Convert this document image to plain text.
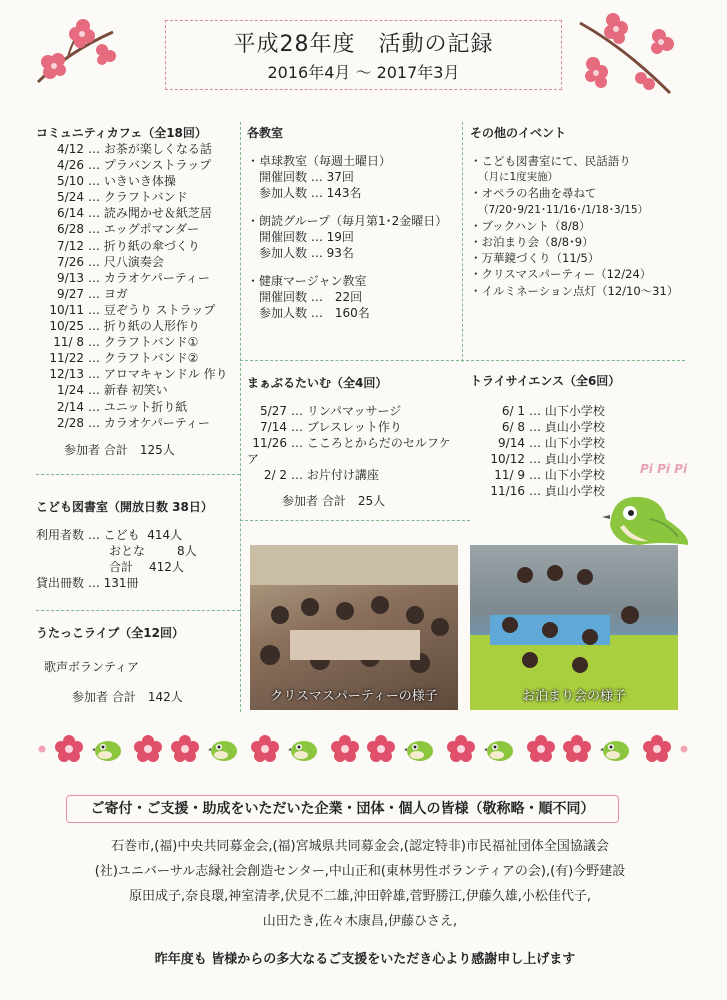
平成28年度　活動の記録
2016年4月 ～ 2017年3月
コミュニティカフェ（全18回）
4/12 … お茶が楽しくなる話
4/26 … プラバンストラップ
5/10 … いきいき体操
5/24 … クラフトバンド
6/14 … 読み聞かせ＆紙芝居
6/28 … エッグポマンダー
7/12 … 折り紙の傘づくり
7/26 … 尺八演奏会
9/13 … カラオケパーティー
9/27 … ヨガ
10/11 … 豆ぞうり ストラップ
10/25 … 折り紙の人形作り
11/ 8 … クラフトバンド①
11/22 … クラフトバンド②
12/13 … アロマキャンドル 作り
1/24 … 新春 初笑い
2/14 … ユニット折り紙
2/28 … カラオケパーティー
参加者 合計　125人
各教室
・卓球教室（毎週土曜日）
開催回数 … 37回
参加人数 … 143名
・朗読グループ（毎月第1･2金曜日）
開催回数 … 19回
参加人数 … 93名
・健康マージャン教室
開催回数 …　22回
参加人数 …　160名
その他のイベント
・こども図書室にて、民話語り
（月に1度実施）
・オペラの名曲を尋ねて
（7/20･9/21･11/16･/1/18･3/15）
・ブックハント（8/8）
・お泊まり会（8/8･9）
・万華鏡づくり（11/5）
・クリスマスパーティー（12/24）
・イルミネーション点灯（12/10～31）
まぁぶるたいむ（全4回）
5/27 … リンパマッサージ
7/14 … ブレスレット作り
11/26 … こころとからだのセルフケア
2/ 2 … お片付け講座
参加者 合計　25人
トライサイエンス（全6回）
6/ 1 … 山下小学校
6/ 8 … 貞山小学校
9/14 … 山下小学校
10/12 … 貞山小学校
11/ 9 … 山下小学校
11/16 … 貞山小学校
Pi Pi Pi
こども図書室（開放日数 38日）
利用者数 … こども 414人
おとな	8人
合計 412人
貸出冊数 … 131冊
うたっこライブ（全12回）
歌声ボランティア
参加者 合計　142人	クリスマスパーティーの様子	お泊まり会の様子
ご寄付・ご支援・助成をいただいた企業・団体・個人の皆様（敬称略・順不同）
石巻市,(福)中央共同募金会,(福)宮城県共同募金会,(認定特非)市民福祉団体全国協議会
(社)ユニバーサル志縁社会創造センター,中山正和(東林男性ボランティアの会),(有)今野建設
原田成子,奈良環,神室清孝,伏見不二雄,沖田幹雄,菅野勝江,伊藤久雄,小松佳代子,
山田たき,佐々木康昌,伊藤ひさえ,
昨年度も 皆様からの多大なるご支援をいただき心より感謝申し上げます
